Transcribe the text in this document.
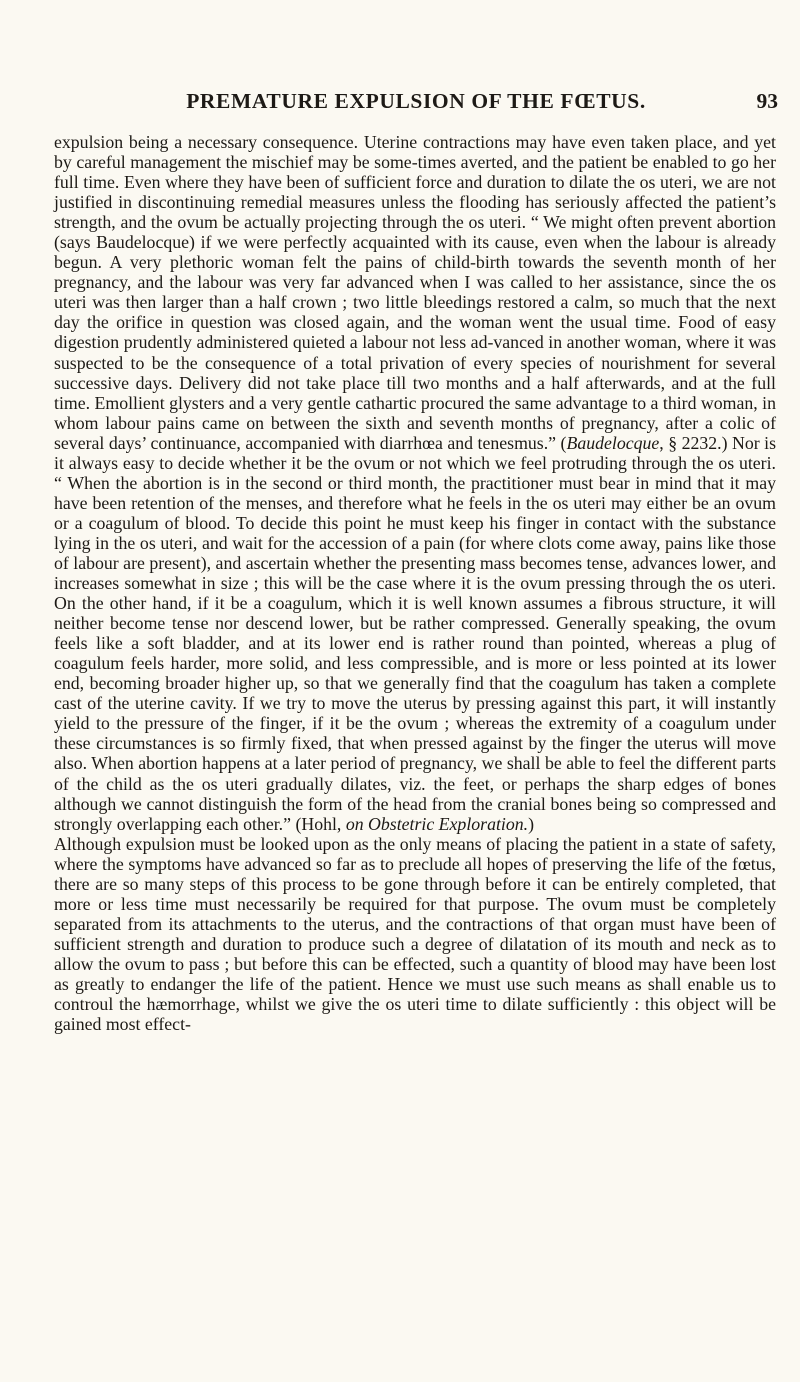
PREMATURE EXPULSION OF THE FŒTUS.	93

expulsion being a necessary consequence. Uterine contractions may have even taken place, and yet by careful management the mischief may be some-times averted, and the patient be enabled to go her full time. Even where they have been of sufficient force and duration to dilate the os uteri, we are not justified in discontinuing remedial measures unless the flooding has seriously affected the patient’s strength, and the ovum be actually projecting through the os uteri. “ We might often prevent abortion (says Baudelocque) if we were perfectly acquainted with its cause, even when the labour is already begun. A very plethoric woman felt the pains of child-birth towards the seventh month of her pregnancy, and the labour was very far advanced when I was called to her assistance, since the os uteri was then larger than a half crown ; two little bleedings restored a calm, so much that the next day the orifice in question was closed again, and the woman went the usual time. Food of easy digestion prudently administered quieted a labour not less ad-vanced in another woman, where it was suspected to be the consequence of a total privation of every species of nourishment for several successive days. Delivery did not take place till two months and a half afterwards, and at the full time. Emollient glysters and a very gentle cathartic procured the same advantage to a third woman, in whom labour pains came on between the sixth and seventh months of pregnancy, after a colic of several days’ continuance, accompanied with diarrhœa and tenesmus.” (Baudelocque, § 2232.) Nor is it always easy to decide whether it be the ovum or not which we feel protruding through the os uteri. “ When the abortion is in the second or third month, the practitioner must bear in mind that it may have been retention of the menses, and therefore what he feels in the os uteri may either be an ovum or a coagulum of blood. To decide this point he must keep his finger in contact with the substance lying in the os uteri, and wait for the accession of a pain (for where clots come away, pains like those of labour are present), and ascertain whether the presenting mass becomes tense, advances lower, and increases somewhat in size ; this will be the case where it is the ovum pressing through the os uteri. On the other hand, if it be a coagulum, which it is well known assumes a fibrous structure, it will neither become tense nor descend lower, but be rather compressed. Generally speaking, the ovum feels like a soft bladder, and at its lower end is rather round than pointed, whereas a plug of coagulum feels harder, more solid, and less compressible, and is more or less pointed at its lower end, becoming broader higher up, so that we generally find that the coagulum has taken a complete cast of the uterine cavity. If we try to move the uterus by pressing against this part, it will instantly yield to the pressure of the finger, if it be the ovum ; whereas the extremity of a coagulum under these circumstances is so firmly fixed, that when pressed against by the finger the uterus will move also. When abortion happens at a later period of pregnancy, we shall be able to feel the different parts of the child as the os uteri gradually dilates, viz. the feet, or perhaps the sharp edges of bones although we cannot distinguish the form of the head from the cranial bones being so compressed and strongly overlapping each other.” (Hohl, on Obstetric Exploration.)

Although expulsion must be looked upon as the only means of placing the patient in a state of safety, where the symptoms have advanced so far as to preclude all hopes of preserving the life of the fœtus, there are so many steps of this process to be gone through before it can be entirely completed, that more or less time must necessarily be required for that purpose. The ovum must be completely separated from its attachments to the uterus, and the contractions of that organ must have been of sufficient strength and duration to produce such a degree of dilatation of its mouth and neck as to allow the ovum to pass ; but before this can be effected, such a quantity of blood may have been lost as greatly to endanger the life of the patient. Hence we must use such means as shall enable us to controul the hæmorrhage, whilst we give the os uteri time to dilate sufficiently : this object will be gained most effect-
